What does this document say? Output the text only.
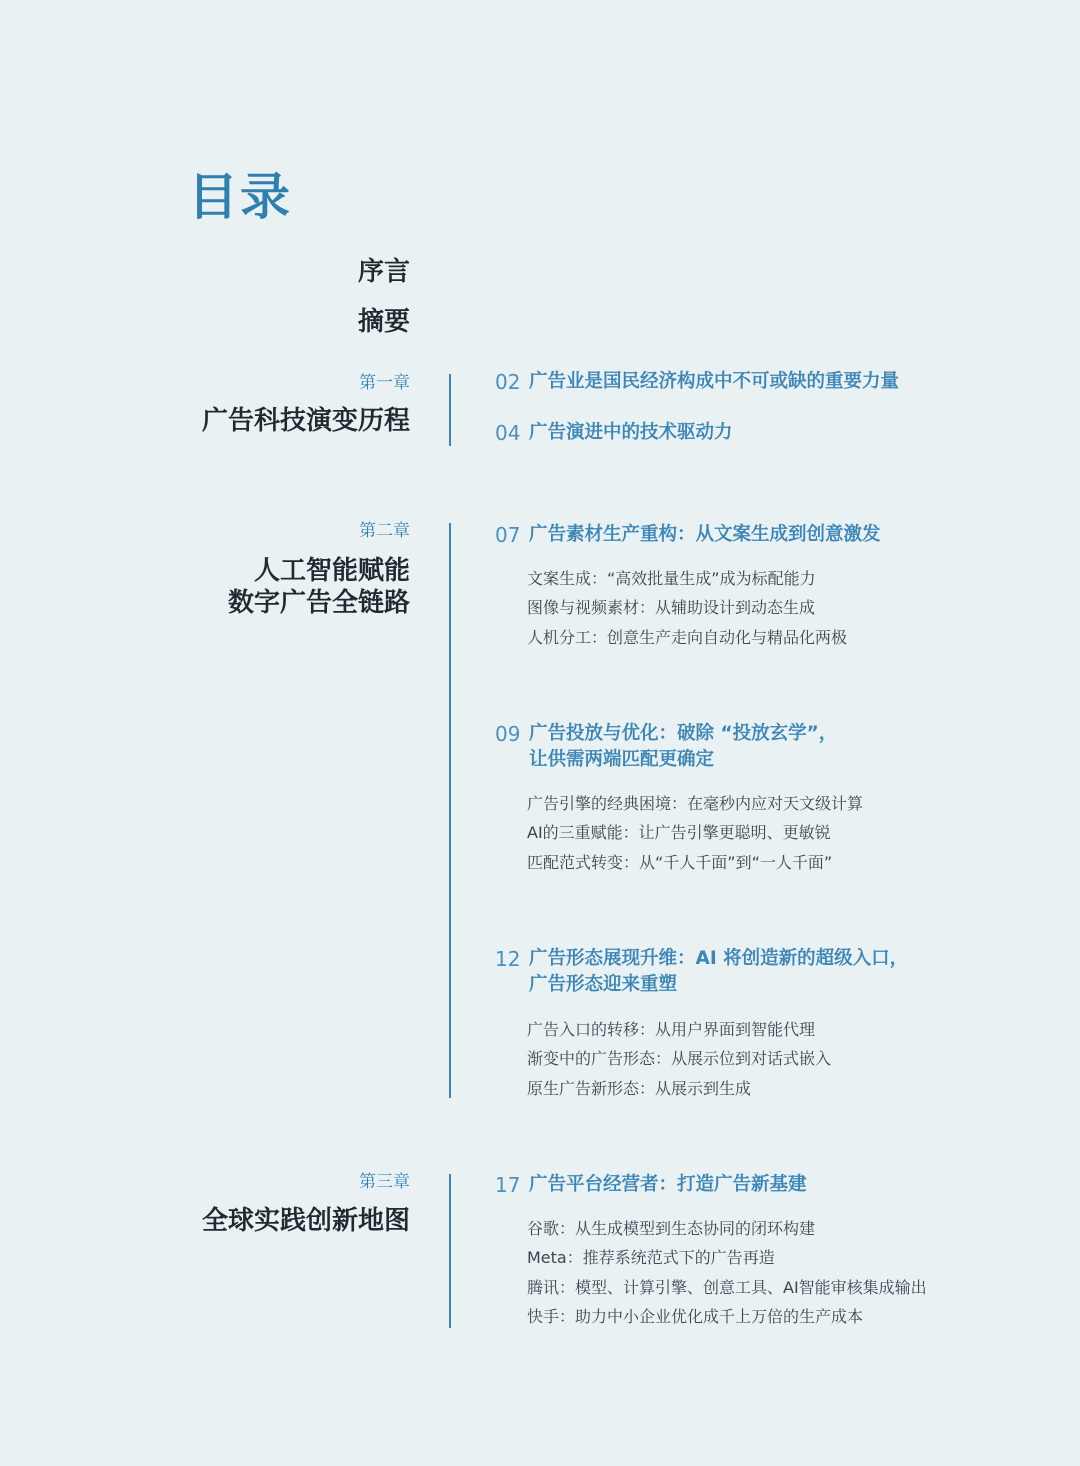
目录
序言
摘要
第一章
广告科技演变历程
02 广告业是国民经济构成中不可或缺的重要力量
04 广告演进中的技术驱动力
第二章
人工智能赋能
数字广告全链路
07 广告素材生产重构：从文案生成到创意激发
文案生成：“高效批量生成”成为标配能力
图像与视频素材：从辅助设计到动态生成
人机分工：创意生产走向自动化与精品化两极
09 广告投放与优化：破除 “投放玄学”，
让供需两端匹配更确定
广告引擎的经典困境：在毫秒内应对天文级计算
AI的三重赋能：让广告引擎更聪明、更敏锐
匹配范式转变：从“千人千面”到“一人千面”
12 广告形态展现升维：AI 将创造新的超级入口，
广告形态迎来重塑
广告入口的转移：从用户界面到智能代理
渐变中的广告形态：从展示位到对话式嵌入
原生广告新形态：从展示到生成
第三章
全球实践创新地图
17 广告平台经营者：打造广告新基建
谷歌：从生成模型到生态协同的闭环构建
Meta：推荐系统范式下的广告再造
腾讯：模型、计算引擎、创意工具、AI智能审核集成输出
快手：助力中小企业优化成千上万倍的生产成本
